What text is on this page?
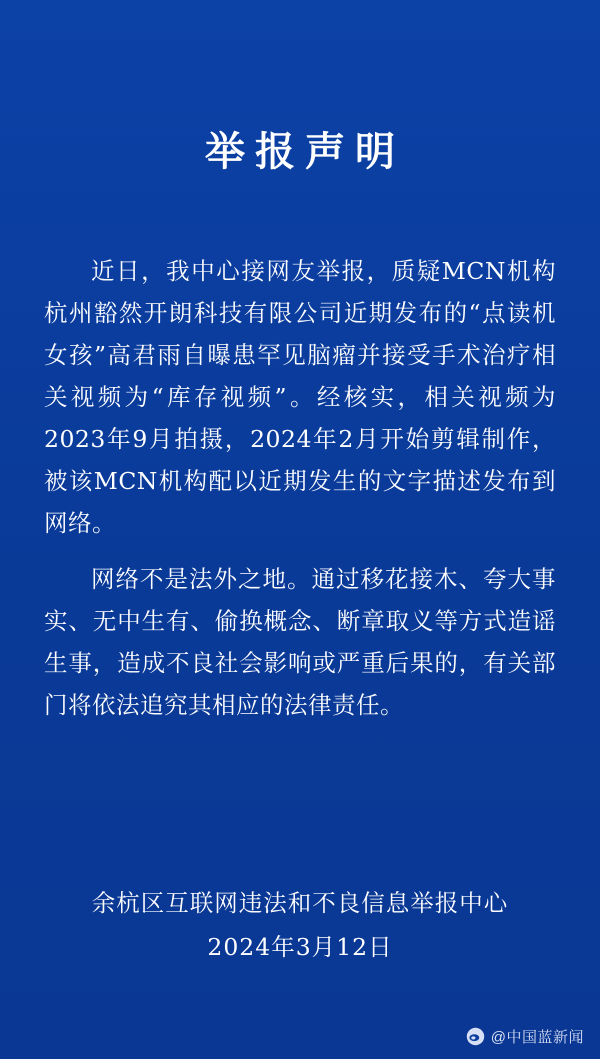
举报声明

近日，我中心接网友举报，质疑MCN机构杭州豁然开朗科技有限公司近期发布的“点读机女孩”高君雨自曝患罕见脑瘤并接受手术治疗相关视频为“库存视频”。经核实，相关视频为2023年9月拍摄，2024年2月开始剪辑制作，被该MCN机构配以近期发生的文字描述发布到网络。

网络不是法外之地。通过移花接木、夸大事实、无中生有、偷换概念、断章取义等方式造谣生事，造成不良社会影响或严重后果的，有关部门将依法追究其相应的法律责任。

余杭区互联网违法和不良信息举报中心
2024年3月12日
@中国蓝新闻
